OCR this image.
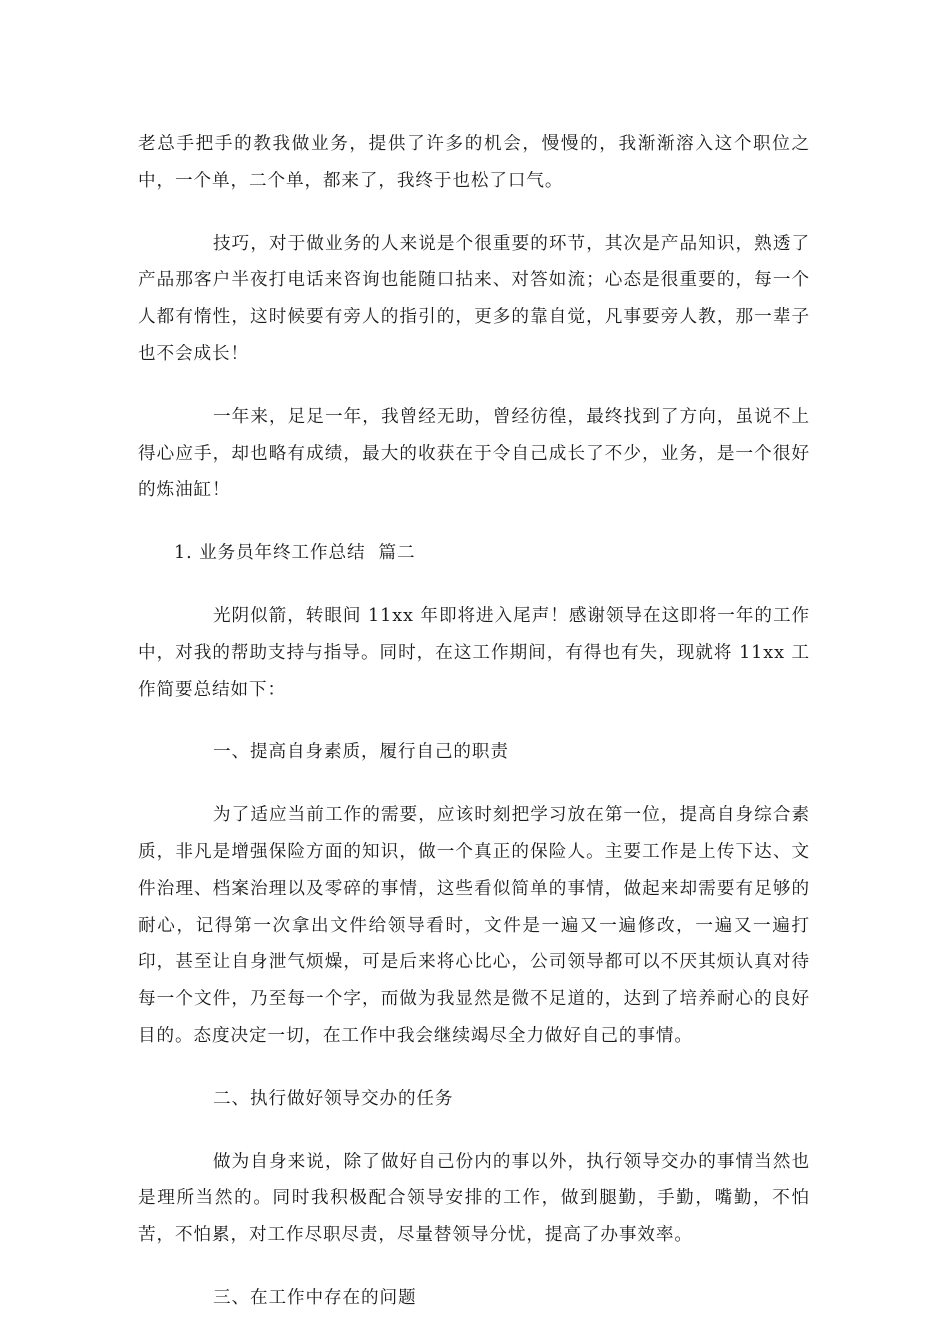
老总手把手的教我做业务，提供了许多的机会，慢慢的，我渐渐溶入这个职位之中，一个单，二个单，都来了，我终于也松了口气。

技巧，对于做业务的人来说是个很重要的环节，其次是产品知识，熟透了产品那客户半夜打电话来咨询也能随口拈来、对答如流；心态是很重要的，每一个人都有惰性，这时候要有旁人的指引的，更多的靠自觉，凡事要旁人教，那一辈子也不会成长！

一年来，足足一年，我曾经无助，曾经彷徨，最终找到了方向，虽说不上得心应手，却也略有成绩，最大的收获在于令自己成长了不少，业务，是一个很好的炼油缸！

1. 业务员年终工作总结  篇二

光阴似箭，转眼间 11xx 年即将进入尾声！感谢领导在这即将一年的工作中，对我的帮助支持与指导。同时，在这工作期间，有得也有失，现就将 11xx 工作简要总结如下：

一、提高自身素质，履行自己的职责

为了适应当前工作的需要，应该时刻把学习放在第一位，提高自身综合素质，非凡是增强保险方面的知识，做一个真正的保险人。主要工作是上传下达、文件治理、档案治理以及零碎的事情，这些看似简单的事情，做起来却需要有足够的耐心，记得第一次拿出文件给领导看时，文件是一遍又一遍修改，一遍又一遍打印，甚至让自身泄气烦燥，可是后来将心比心，公司领导都可以不厌其烦认真对待每一个文件，乃至每一个字，而做为我显然是微不足道的，达到了培养耐心的良好目的。态度决定一切，在工作中我会继续竭尽全力做好自己的事情。

二、执行做好领导交办的任务

做为自身来说，除了做好自己份内的事以外，执行领导交办的事情当然也是理所当然的。同时我积极配合领导安排的工作，做到腿勤，手勤，嘴勤，不怕苦，不怕累，对工作尽职尽责，尽量替领导分忧，提高了办事效率。

三、在工作中存在的问题
